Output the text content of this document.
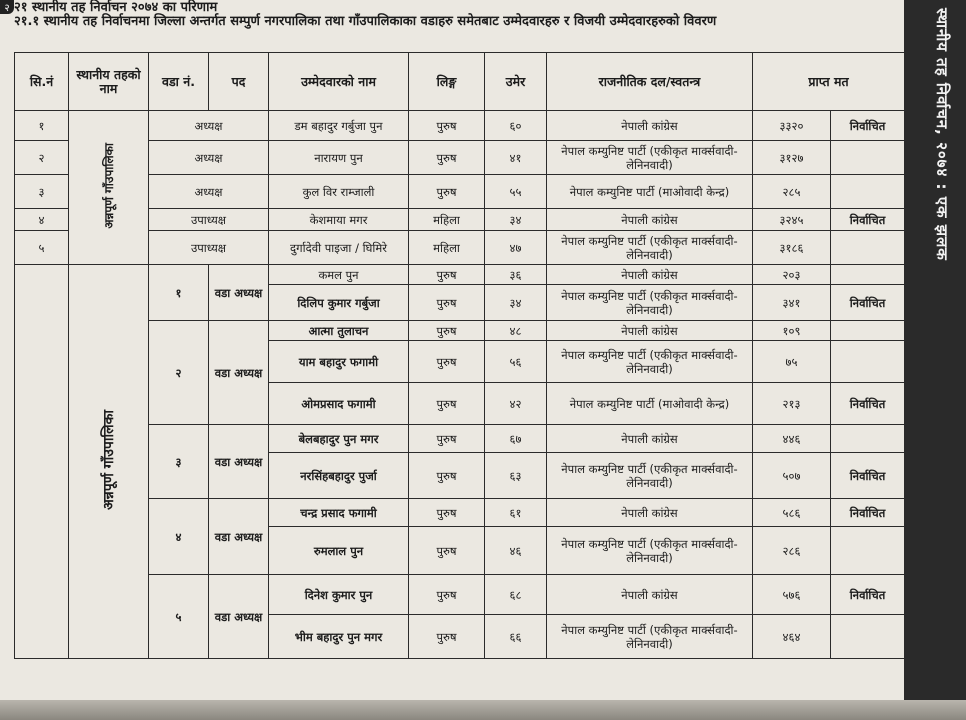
२ २१ स्थानीय तह निर्वाचन २०७४ का परिणाम
२१.१ स्थानीय तह निर्वाचनमा जिल्ला अन्तर्गत सम्पुर्ण नगरपालिका तथा गाँउपालिकाका वडाहरु समेतबाट उम्मेदवारहरु र विजयी उम्मेदवारहरुको विवरण
सि.नं	स्थानीय तहको नाम	वडा नं.	पद	उम्मेदवारको नाम	लिङ्ग	उमेर	राजनीतिक दल/स्वतन्त्र	प्राप्त मत	
१	अन्नपूर्ण गाँउपालिका	अध्यक्ष		डम बहादुर गर्बुजा पुन	पुरुष	६०	नेपाली कांग्रेस	३३२०	निर्वाचित
२		अध्यक्ष		नारायण पुन	पुरुष	४१	नेपाल कम्युनिष्ट पार्टी (एकीकृत मार्क्सवादी-लेनिनवादी)	३१२७	
३		अध्यक्ष		कुल विर राम्जाली	पुरुष	५५	नेपाल कम्युनिष्ट पार्टी (माओवादी केन्द्र)	२८५	
४		उपाध्यक्ष		केशमाया मगर	महिला	३४	नेपाली कांग्रेस	३२४५	निर्वाचित
५		उपाध्यक्ष		दुर्गादेवी पाइजा / घिमिरे	महिला	४७	नेपाल कम्युनिष्ट पार्टी (एकीकृत मार्क्सवादी-लेनिनवादी)	३१८६	
	अन्नपूर्ण गाँउपालिका	१	वडा अध्यक्ष	कमल पुन	पुरुष	३६	नेपाली कांग्रेस	२०३	
				दिलिप कुमार गर्बुजा	पुरुष	३४	नेपाल कम्युनिष्ट पार्टी (एकीकृत मार्क्सवादी-लेनिनवादी)	३४१	निर्वाचित
		२	वडा अध्यक्ष	आत्मा तुलाचन	पुरुष	४८	नेपाली कांग्रेस	१०९	
				याम बहादुर फगामी	पुरुष	५६	नेपाल कम्युनिष्ट पार्टी (एकीकृत मार्क्सवादी-लेनिनवादी)	७५	
				ओमप्रसाद फगामी	पुरुष	४२	नेपाल कम्युनिष्ट पार्टी (माओवादी केन्द्र)	२१३	निर्वाचित
		३	वडा अध्यक्ष	बेलबहादुर पुन मगर	पुरुष	६७	नेपाली कांग्रेस	४४६	
				नरसिंहबहादुर पुर्जा	पुरुष	६३	नेपाल कम्युनिष्ट पार्टी (एकीकृत मार्क्सवादी-लेनिनवादी)	५०७	निर्वाचित
		४	वडा अध्यक्ष	चन्द्र प्रसाद फगामी	पुरुष	६१	नेपाली कांग्रेस	५८६	निर्वाचित
				रुमलाल पुन	पुरुष	४६	नेपाल कम्युनिष्ट पार्टी (एकीकृत मार्क्सवादी-लेनिनवादी)	२८६	
		५	वडा अध्यक्ष	दिनेश कुमार पुन	पुरुष	६८	नेपाली कांग्रेस	५७६	निर्वाचित
				भीम बहादुर पुन मगर	पुरुष	६६	नेपाल कम्युनिष्ट पार्टी (एकीकृत मार्क्सवादी-लेनिनवादी)	४६४	
स्थानीय तह निर्वाचन, २०७४ : एक झलक
